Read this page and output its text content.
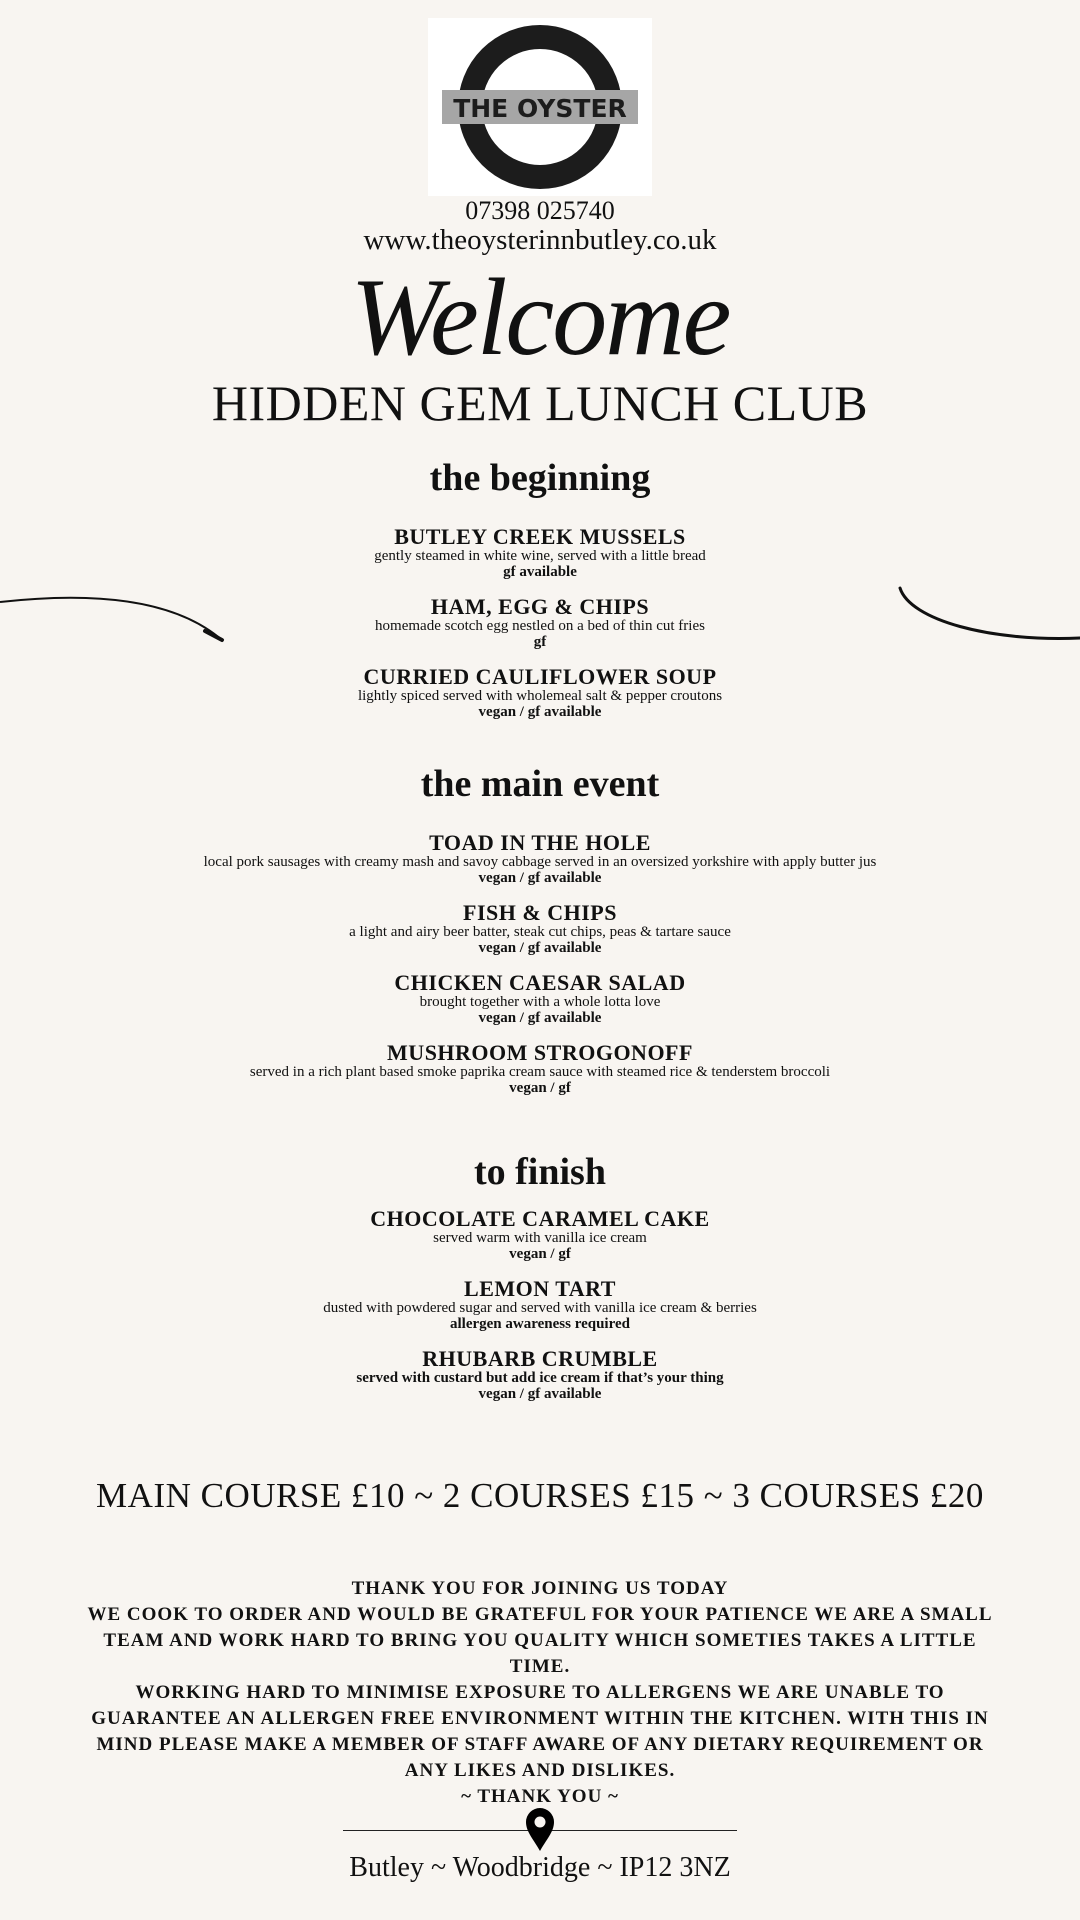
THE OYSTER
07398 025740
www.theoysterinnbutley.co.uk
Welcome
HIDDEN GEM LUNCH CLUB
the beginning
BUTLEY CREEK MUSSELS
gently steamed in white wine, served with a little bread
gf available
HAM, EGG & CHIPS
homemade scotch egg nestled on a bed of thin cut fries
gf
CURRIED CAULIFLOWER SOUP
lightly spiced served with wholemeal salt & pepper croutons
vegan / gf available
the main event
TOAD IN THE HOLE
local pork sausages with creamy mash and savoy cabbage served in an oversized yorkshire with apply butter jus
vegan / gf available
FISH & CHIPS
a light and airy beer batter, steak cut chips, peas & tartare sauce
vegan / gf available
CHICKEN CAESAR SALAD
brought together with a whole lotta love
vegan / gf available
MUSHROOM STROGONOFF
served in a rich plant based smoke paprika cream sauce with steamed rice & tenderstem broccoli
vegan / gf
to finish
CHOCOLATE CARAMEL CAKE
served warm with vanilla ice cream
vegan / gf
LEMON TART
dusted with powdered sugar and served with vanilla ice cream & berries
allergen awareness required
RHUBARB CRUMBLE
served with custard but add ice cream if that’s your thing
vegan / gf available
MAIN COURSE £10 ~ 2 COURSES £15 ~ 3 COURSES £20

THANK YOU FOR JOINING US TODAY

WE COOK TO ORDER AND WOULD BE GRATEFUL FOR YOUR PATIENCE WE ARE A SMALL TEAM AND WORK HARD TO BRING YOU QUALITY WHICH SOMETIES TAKES A LITTLE TIME.

WORKING HARD TO MINIMISE EXPOSURE TO ALLERGENS WE ARE UNABLE TO GUARANTEE AN ALLERGEN FREE ENVIRONMENT WITHIN THE KITCHEN. WITH THIS IN MIND PLEASE MAKE A MEMBER OF STAFF AWARE OF ANY DIETARY REQUIREMENT OR ANY LIKES AND DISLIKES.

~ THANK YOU ~

Butley ~ Woodbridge ~ IP12 3NZ
